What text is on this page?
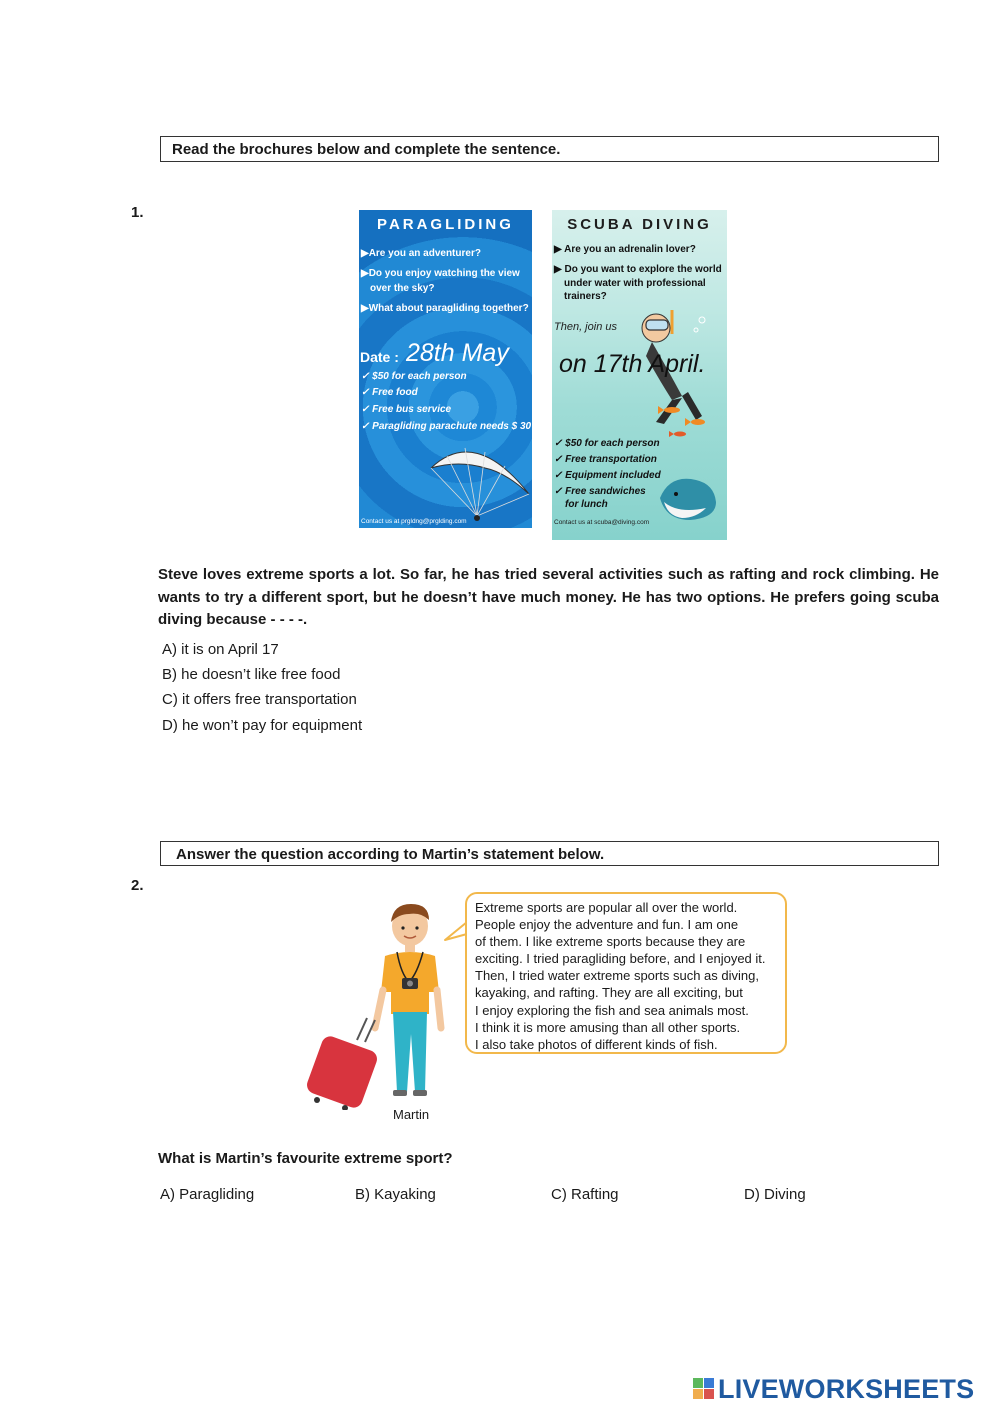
Read the brochures below and complete the sentence.
1.
PARAGLIDING
▶Are you an adventurer?
▶Do you enjoy watching the view
over the sky?
▶What about paragliding together?
Date : 28th May
✓ $50 for each person
✓ Free food
✓ Free bus service
✓ Paragliding parachute needs $ 30
Contact us at prgldng@prglding.com
SCUBA DIVING
▶ Are you an adrenalin lover?
▶ Do you want to explore the world
under water with professional
trainers?
Then, join us
on 17th April.
✓ $50 for each person
✓ Free transportation
✓ Equipment included
✓ Free sandwiches
for lunch
Contact us at scuba@diving.com
Steve loves extreme sports a lot. So far, he has tried several activities such as rafting and rock climbing. He wants to try a different sport, but he doesn’t have much money. He has two options. He prefers going scuba diving because - - - -.
A) it is on April 17
B) he doesn’t like free food
C) it offers free transportation
D) he won’t pay for equipment
Answer the question according to Martin’s statement below.
2.
Martin
Extreme sports are popular all over the world.
People enjoy the adventure and fun. I am one
of them. I like extreme sports because they are
exciting. I tried paragliding before, and I enjoyed it.
Then, I tried water extreme sports such as diving,
kayaking, and rafting. They are all exciting, but
I enjoy exploring the fish and sea animals most.
I think it is more amusing than all other sports.
I also take photos of different kinds of fish.
What is Martin’s favourite extreme sport?
A) Paragliding	B) Kayaking	C) Rafting	D) Diving
LIVEWORKSHEETS
